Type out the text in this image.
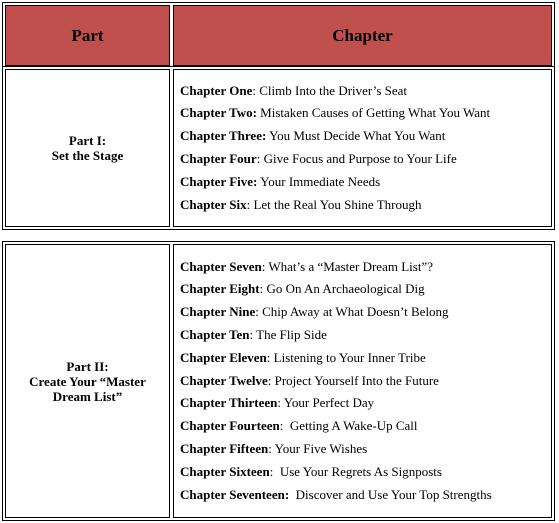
Part	Chapter
Part I:
Set the Stage
Chapter One: Climb Into the Driver’s Seat
Chapter Two: Mistaken Causes of Getting What You Want
Chapter Three: You Must Decide What You Want
Chapter Four: Give Focus and Purpose to Your Life
Chapter Five: Your Immediate Needs
Chapter Six: Let the Real You Shine Through
Part II:
Create Your “Master
Dream List”
Chapter Seven: What’s a “Master Dream List”?
Chapter Eight: Go On An Archaeological Dig
Chapter Nine: Chip Away at What Doesn’t Belong
Chapter Ten: The Flip Side
Chapter Eleven: Listening to Your Inner Tribe
Chapter Twelve: Project Yourself Into the Future
Chapter Thirteen: Your Perfect Day
Chapter Fourteen:  Getting A Wake-Up Call
Chapter Fifteen: Your Five Wishes
Chapter Sixteen:  Use Your Regrets As Signposts
Chapter Seventeen:  Discover and Use Your Top Strengths
